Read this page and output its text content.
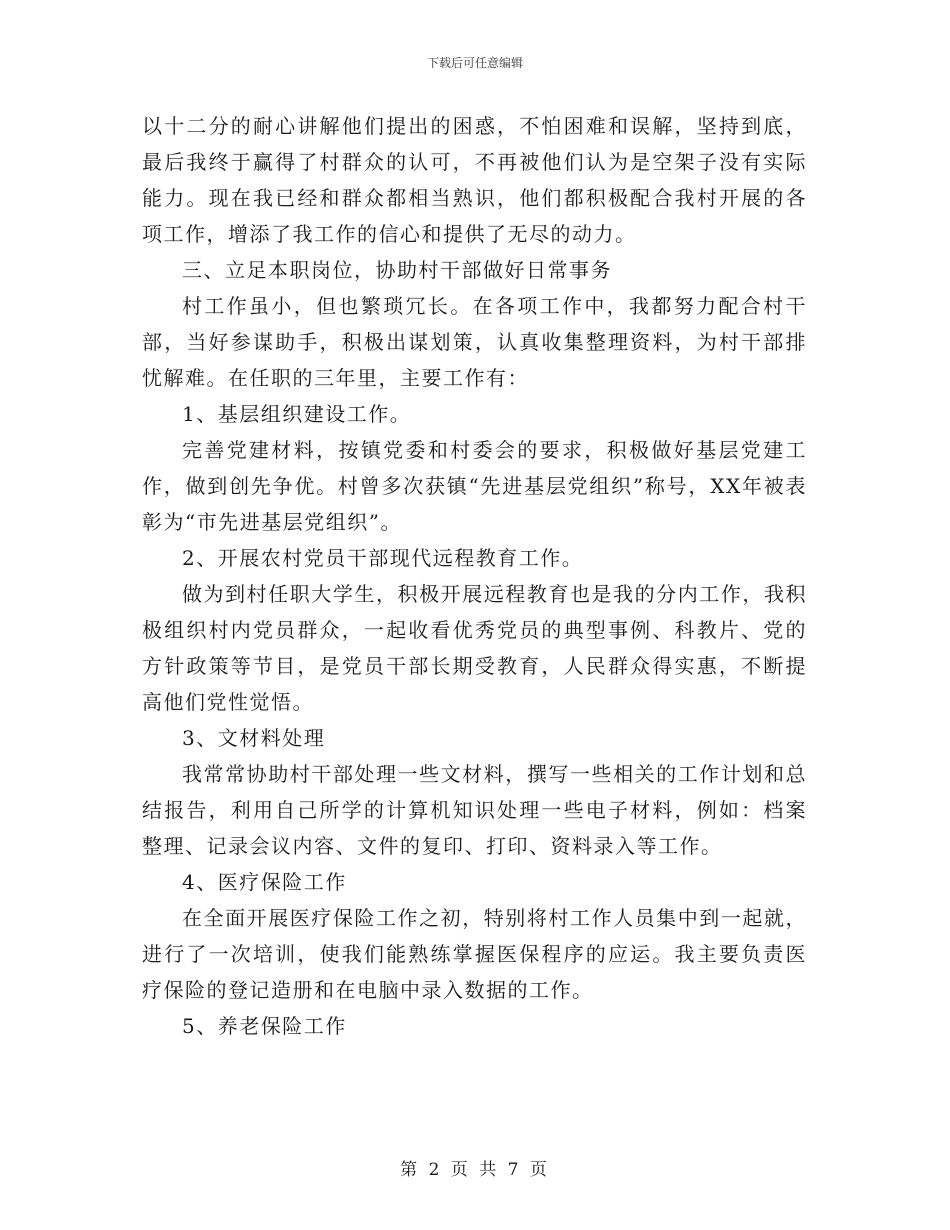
下载后可任意编辑

以十二分的耐心讲解他们提出的困惑，不怕困难和误解，坚持到底，最后我终于赢得了村群众的认可，不再被他们认为是空架子没有实际能力。现在我已经和群众都相当熟识，他们都积极配合我村开展的各项工作，增添了我工作的信心和提供了无尽的动力。

三、立足本职岗位，协助村干部做好日常事务

村工作虽小，但也繁琐冗长。在各项工作中，我都努力配合村干部，当好参谋助手，积极出谋划策，认真收集整理资料，为村干部排忧解难。在任职的三年里，主要工作有：

1、基层组织建设工作。

完善党建材料，按镇党委和村委会的要求，积极做好基层党建工作，做到创先争优。村曾多次获镇“先进基层党组织”称号，XX年被表彰为“市先进基层党组织”。

2、开展农村党员干部现代远程教育工作。

做为到村任职大学生，积极开展远程教育也是我的分内工作，我积极组织村内党员群众，一起收看优秀党员的典型事例、科教片、党的方针政策等节目，是党员干部长期受教育，人民群众得实惠，不断提高他们党性觉悟。

3、文材料处理

我常常协助村干部处理一些文材料，撰写一些相关的工作计划和总结报告，利用自己所学的计算机知识处理一些电子材料，例如：档案整理、记录会议内容、文件的复印、打印、资料录入等工作。

4、医疗保险工作

在全面开展医疗保险工作之初，特别将村工作人员集中到一起就，进行了一次培训，使我们能熟练掌握医保程序的应运。我主要负责医疗保险的登记造册和在电脑中录入数据的工作。

5、养老保险工作

第 2 页 共 7 页
